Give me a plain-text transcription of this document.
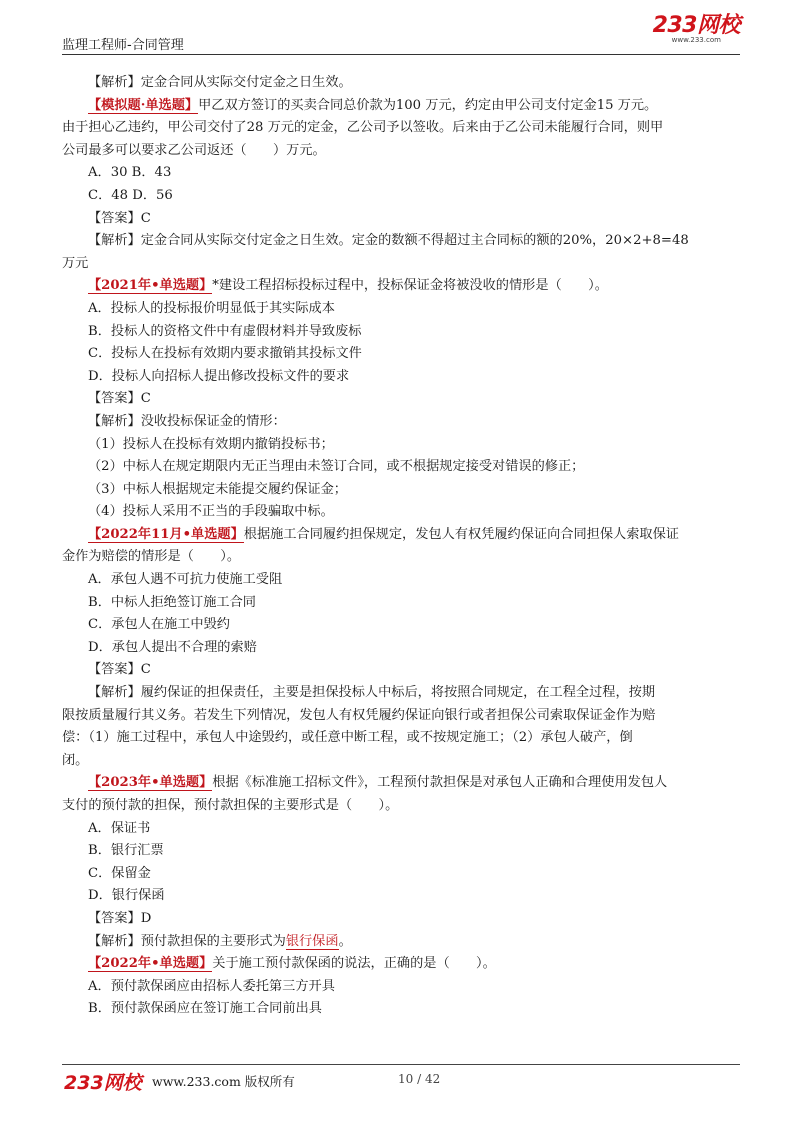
监理工程师-合同管理
233网校
www.233.com
【解析】定金合同从实际交付定金之日生效。
【模拟题·单选题】甲乙双方签订的买卖合同总价款为100 万元，约定由甲公司支付定金15 万元。
由于担心乙违约，甲公司交付了28 万元的定金，乙公司予以签收。后来由于乙公司未能履行合同，则甲
公司最多可以要求乙公司返还（　　）万元。
A．30 B．43
C．48 D．56
【答案】C
【解析】定金合同从实际交付定金之日生效。定金的数额不得超过主合同标的额的20%，20×2+8=48
万元
【2021年•单选题】*建设工程招标投标过程中，投标保证金将被没收的情形是（　　）。
A．投标人的投标报价明显低于其实际成本
B．投标人的资格文件中有虚假材料并导致废标
C．投标人在投标有效期内要求撤销其投标文件
D．投标人向招标人提出修改投标文件的要求
【答案】C
【解析】没收投标保证金的情形：
（1）投标人在投标有效期内撤销投标书；
（2）中标人在规定期限内无正当理由未签订合同，或不根据规定接受对错误的修正；
（3）中标人根据规定未能提交履约保证金；
（4）投标人采用不正当的手段骗取中标。
【2022年11月•单选题】根据施工合同履约担保规定，发包人有权凭履约保证向合同担保人索取保证
金作为赔偿的情形是（　　）。
A．承包人遇不可抗力使施工受阻
B．中标人拒绝签订施工合同
C．承包人在施工中毁约
D．承包人提出不合理的索赔
【答案】C
【解析】履约保证的担保责任，主要是担保投标人中标后，将按照合同规定，在工程全过程，按期
限按质量履行其义务。若发生下列情况，发包人有权凭履约保证向银行或者担保公司索取保证金作为赔
偿：（1）施工过程中，承包人中途毁约，或任意中断工程，或不按规定施工；（2）承包人破产，倒
闭。
【2023年•单选题】根据《标准施工招标文件》，工程预付款担保是对承包人正确和合理使用发包人
支付的预付款的担保，预付款担保的主要形式是（　　）。
A．保证书
B．银行汇票
C．保留金
D．银行保函
【答案】D
【解析】预付款担保的主要形式为银行保函。
【2022年•单选题】关于施工预付款保函的说法，正确的是（　　）。
A．预付款保函应由招标人委托第三方开具
B．预付款保函应在签订施工合同前出具
233网校 www.233.com 版权所有	10 / 42
